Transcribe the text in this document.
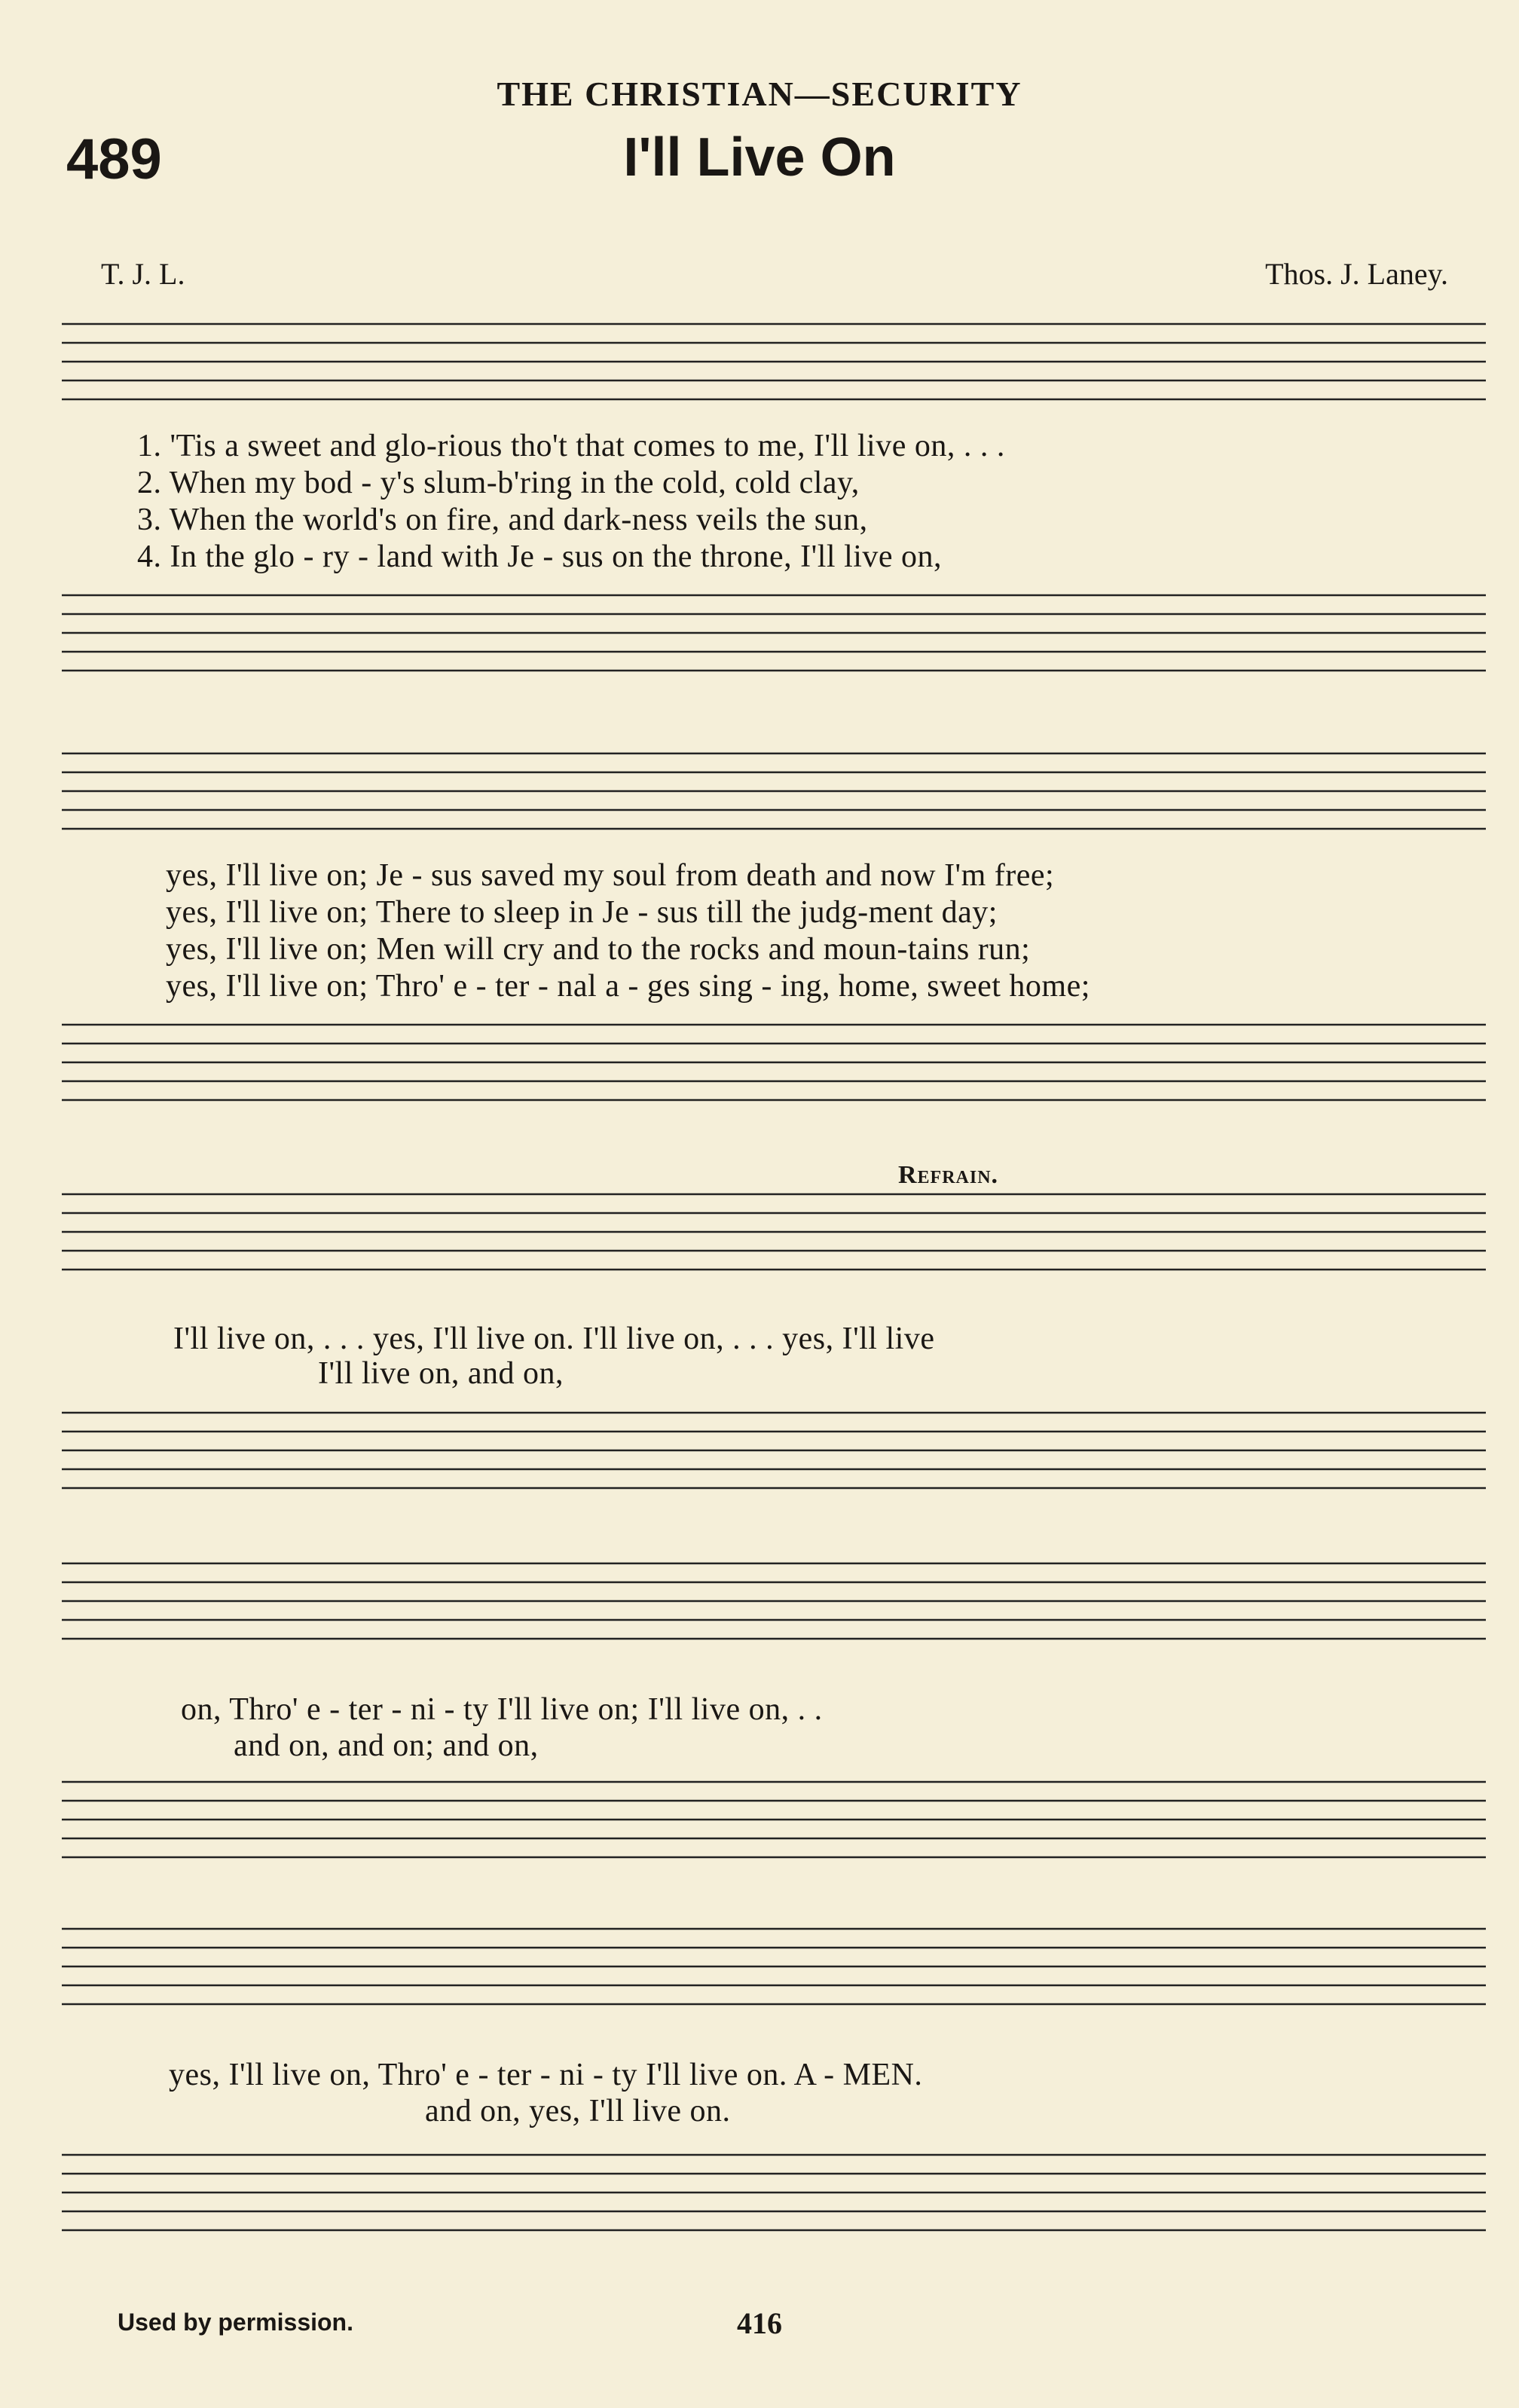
THE CHRISTIAN—SECURITY
489	I'll Live On
T. J. L.	Thos. J. Laney.
1. 'Tis a sweet and glo-rious tho't that comes to me, I'll live on, . . .
2. When my bod - y's slum-b'ring in the cold, cold clay,
3. When the world's on fire, and dark-ness veils the sun,
4. In the glo - ry - land with Je - sus on the throne, I'll live on,
yes, I'll live on; Je - sus saved my soul from death and now I'm free;
yes, I'll live on; There to sleep in Je - sus till the judg-ment day;
yes, I'll live on; Men will cry and to the rocks and moun-tains run;
yes, I'll live on; Thro' e - ter - nal a - ges sing - ing, home, sweet home;
Refrain.
I'll live on, . . . yes, I'll live on. I'll live on, . . . yes, I'll live
I'll live on, and on,
on, Thro' e - ter - ni - ty I'll live on; I'll live on, . .
and on, and on; and on,
yes, I'll live on, Thro' e - ter - ni - ty I'll live on. A - MEN.
and on, yes, I'll live on.
Used by permission.	416
